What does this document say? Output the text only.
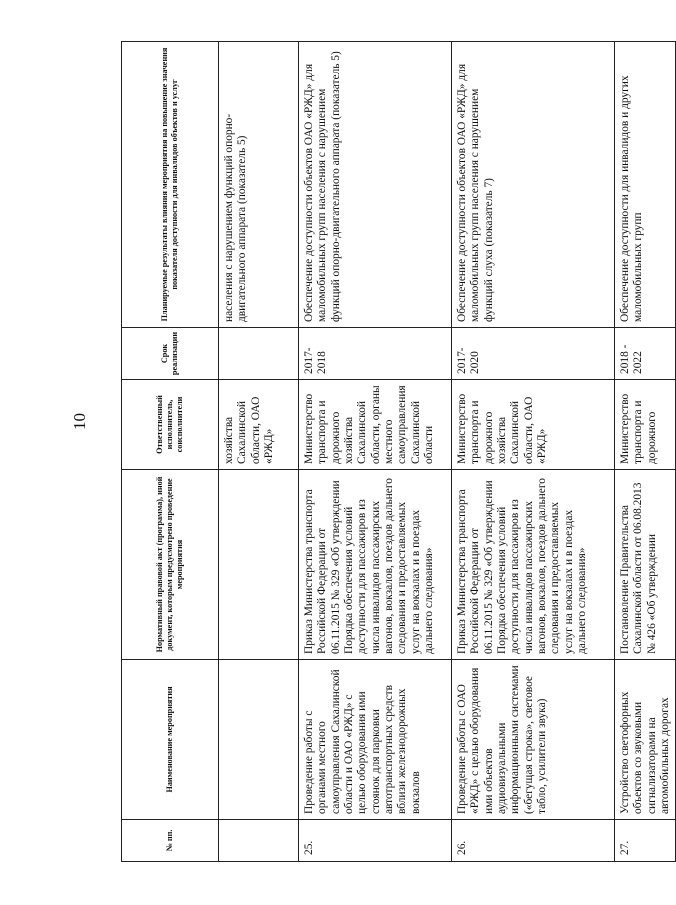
10
№ пп.	Наименование мероприятия	Нормативный правовой акт (программа), иной документ, которым предусмотрено проведение мероприятия	Ответственный исполнитель, соисполнители	Срок реализации	Планируемые результаты влияния мероприятия на повышение значения показателя доступности для инвалидов объектов и услуг
			хозяйства Сахалинской области, ОАО «РЖД»		населения с нарушением функций опорно-двигательного аппарата (показатель 5)
25.	Проведение работы с органами местного самоуправления Сахалинской области и ОАО «РЖД» с целью оборудования ими стоянок для парковки автотранспортных средств вблизи железнодорожных вокзалов	Приказ Министерства транспорта Российской Федерации от 06.11.2015 № 329 «Об утверждении Порядка обеспечения условий доступности для пассажиров из числа инвалидов пассажирских вагонов, вокзалов, поездов дальнего следования и предоставляемых услуг на вокзалах и в поездах дальнего следования»	Министерство транспорта и дорожного хозяйства Сахалинской области, органы местного самоуправления Сахалинской области	2017-2018	Обеспечение доступности объектов ОАО «РЖД» для маломобильных групп населения с нарушением функций опорно-двигательного аппарата (показатель 5)
26.	Проведение работы с ОАО «РЖД» с целью оборудования ими объектов аудиовизуальными информационными системами («бегущая строка», световое табло, усилители звука)	Приказ Министерства транспорта Российской Федерации от 06.11.2015 № 329 «Об утверждении Порядка обеспечения условий доступности для пассажиров из числа инвалидов пассажирских вагонов, вокзалов, поездов дальнего следования и предоставляемых услуг на вокзалах и в поездах дальнего следования»	Министерство транспорта и дорожного хозяйства Сахалинской области, ОАО «РЖД»	2017-2020	Обеспечение доступности объектов ОАО «РЖД» для маломобильных групп населения с нарушением функций слуха (показатель 7)
27.	Устройство светофорных объектов со звуковыми сигнализаторами на автомобильных дорогах	Постановление Правительства Сахалинской области от 06.08.2013 № 426 «Об утверждении	Министерство транспорта и дорожного	2018 - 2022	Обеспечение доступности для инвалидов и других маломобильных групп
